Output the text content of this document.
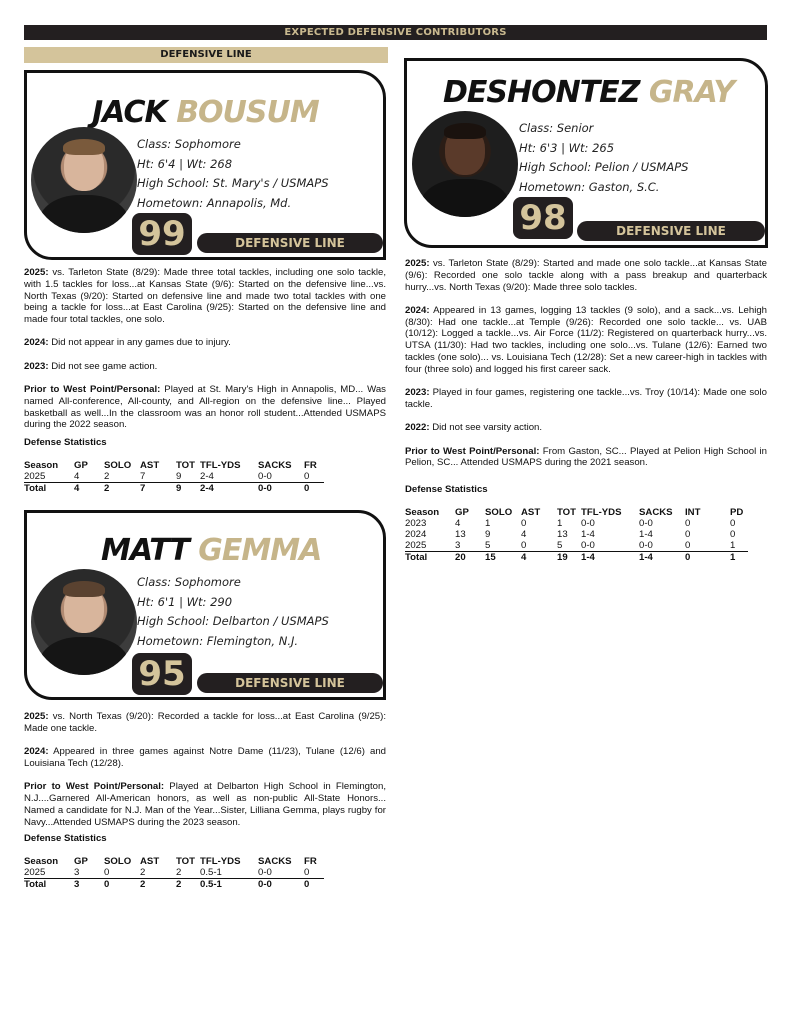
EXPECTED DEFENSIVE CONTRIBUTORS
DEFENSIVE LINE
JACK BOUSUM
Class: Sophomore
Ht: 6'4 | Wt: 268
High School: St. Mary's / USMAPS
Hometown: Annapolis, Md.
99	DEFENSIVE LINE

2025: vs. Tarleton State (8/29): Made three total tackles, including one solo tackle, with 1.5 tackles for loss...at Kansas State (9/6): Started on the defensive line...vs. North Texas (9/20): Started on defensive line and made two total tackles with one being a tackle for loss...at East Carolina (9/25): Started on the defensive line and made four total tackles, one solo.

2024: Did not appear in any games due to injury.

2023: Did not see game action.

Prior to West Point/Personal: Played at St. Mary's High in Annapolis, MD... Was named All-conference, All-county, and All-region on the defensive line... Played basketball as well...In the classroom was an honor roll student...Attended USMAPS during the 2022 season.

Defense Statistics
Season	GP	SOLO	AST	TOT	TFL-YDS	SACKS	FR
2025	4	2	7	9	2-4	0-0	0
Total	4	2	7	9	2-4	0-0	0
DESHONTEZ GRAY
Class: Senior
Ht: 6'3 | Wt: 265
High School: Pelion / USMAPS
Hometown: Gaston, S.C.
98	DEFENSIVE LINE

2025: vs. Tarleton State (8/29): Started and made one solo tackle...at Kansas State (9/6): Recorded one solo tackle along with a pass breakup and quarterback hurry...vs. North Texas (9/20): Made three solo tackles.

2024: Appeared in 13 games, logging 13 tackles (9 solo), and a sack...vs. Lehigh (8/30): Had one tackle...at Temple (9/26): Recorded one solo tackle... vs. UAB (10/12): Logged a tackle...vs. Air Force (11/2): Registered on quarterback hurry...vs. UTSA (11/30): Had two tackles, including one solo...vs. Tulane (12/6): Earned two tackles (one solo)... vs. Louisiana Tech (12/28): Set a new career-high in tackles with four (three solo) and logged his first career sack.

2023: Played in four games, registering one tackle...vs. Troy (10/14): Made one solo tackle.

2022: Did not see varsity action.

Prior to West Point/Personal: From Gaston, SC... Played at Pelion High School in Pelion, SC... Attended USMAPS during the 2021 season.

Defense Statistics
Season	GP	SOLO	AST	TOT	TFL-YDS	SACKS	INT	PD
2023	4	1	0	1	0-0	0-0	0	0
2024	13	9	4	13	1-4	1-4	0	0
2025	3	5	0	5	0-0	0-0	0	1
Total	20	15	4	19	1-4	1-4	0	1
MATT GEMMA
Class: Sophomore
Ht: 6'1 | Wt: 290
High School: Delbarton / USMAPS
Hometown: Flemington, N.J.
95	DEFENSIVE LINE

2025: vs. North Texas (9/20): Recorded a tackle for loss...at East Carolina (9/25): Made one tackle.

2024: Appeared in three games against Notre Dame (11/23), Tulane (12/6) and Louisiana Tech (12/28).

Prior to West Point/Personal: Played at Delbarton High School in Flemington, N.J....Garnered All-American honors, as well as non-public All-State Honors... Named a candidate for N.J. Man of the Year...Sister, Lilliana Gemma, plays rugby for Navy...Attended USMAPS during the 2023 season.

Defense Statistics
Season	GP	SOLO	AST	TOT	TFL-YDS	SACKS	FR
2025	3	0	2	2	0.5-1	0-0	0
Total	3	0	2	2	0.5-1	0-0	0
